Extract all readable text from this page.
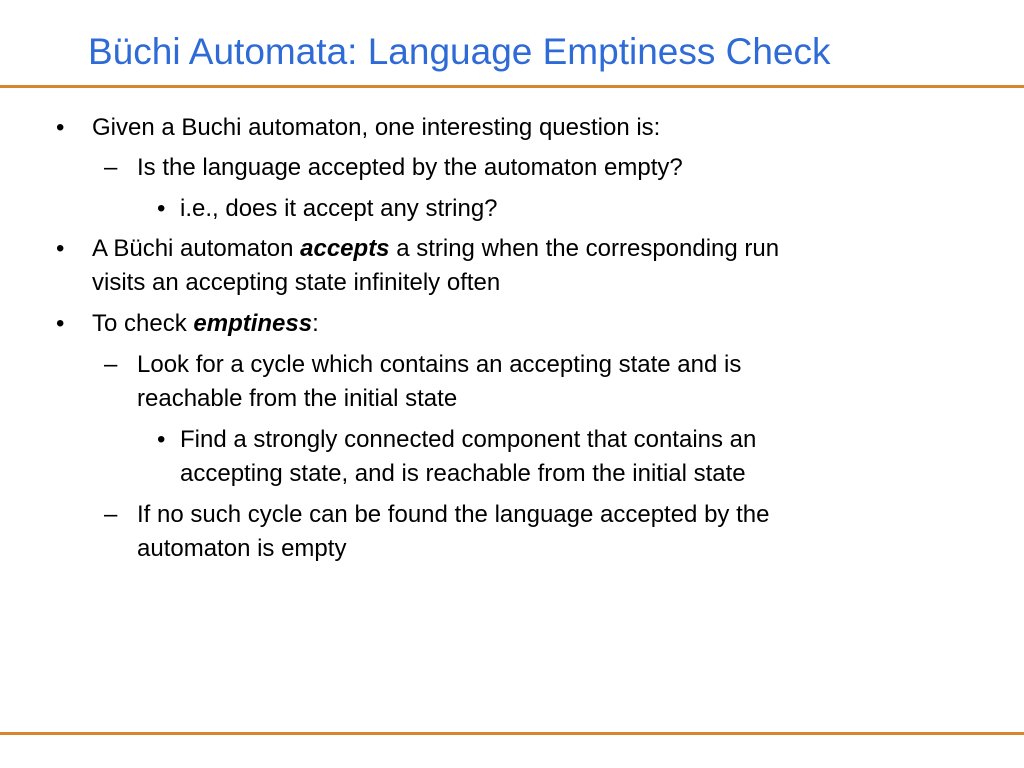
Büchi Automata: Language Emptiness Check
• Given a Buchi automaton, one interesting question is:
– Is the language accepted by the automaton empty?
• i.e., does it accept any string?
• A Büchi automaton accepts a string when the corresponding run
visits an accepting state infinitely often
• To check emptiness:
– Look for a cycle which contains an accepting state and is
reachable from the initial state
• Find a strongly connected component that contains an
accepting state, and is reachable from the initial state
– If no such cycle can be found the language accepted by the
automaton is empty
